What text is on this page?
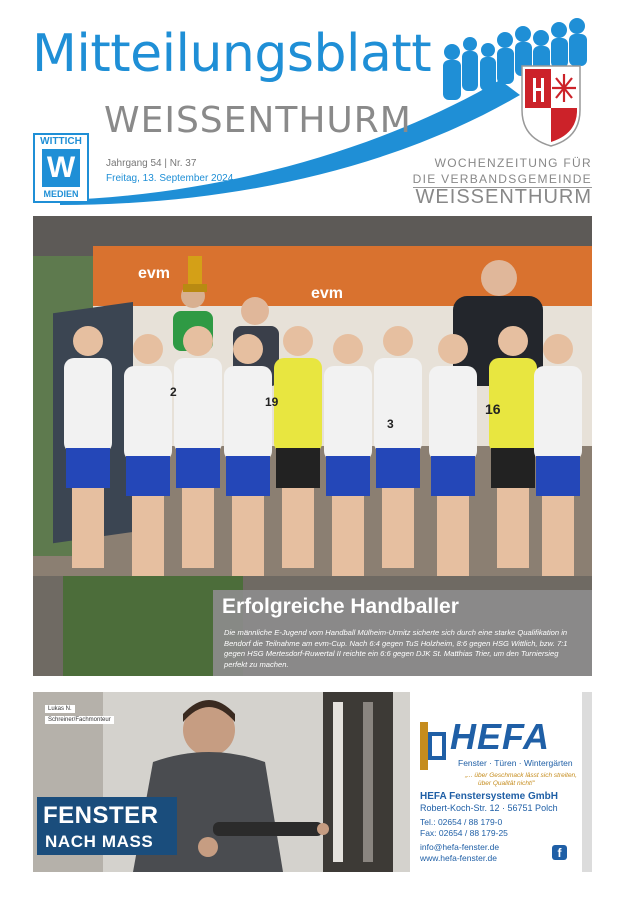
Mitteilungsblatt
WEISSENTHURM
WITTICH
W
MEDIEN
Jahrgang 54 | Nr. 37
Freitag, 13. September 2024
WOCHENZEITUNG FÜR
DIE VERBANDSGEMEINDE
WEISSENTHURM
evm
evm
16
19
3
2
Erfolgreiche Handballer
Die männliche E-Jugend vom Handball Mülheim-Urmitz sicherte sich durch eine starke Qualifikation in Bendorf die Teilnahme am evm-Cup. Nach 6:4 gegen TuS Holzheim, 8:6 gegen HSG Wittlich, bzw. 7:1 gegen HSG Mertesdorf-Ruwertal II reichte ein 6:6 gegen DJK St. Matthias Trier, um den Turniersieg perfekt zu machen.
Lukas N.
Schreiner/Fachmonteur
FENSTER
NACH MASS
HEFA
Fenster · Türen · Wintergärten
„... über Geschmack lässt sich streiten,
über Qualität nicht!"
HEFA Fenstersysteme GmbH
Robert-Koch-Str. 12 · 56751 Polch
Tel.: 02654 / 88 179-0
Fax: 02654 / 88 179-25
info@hefa-fenster.de
www.hefa-fenster.de	f
